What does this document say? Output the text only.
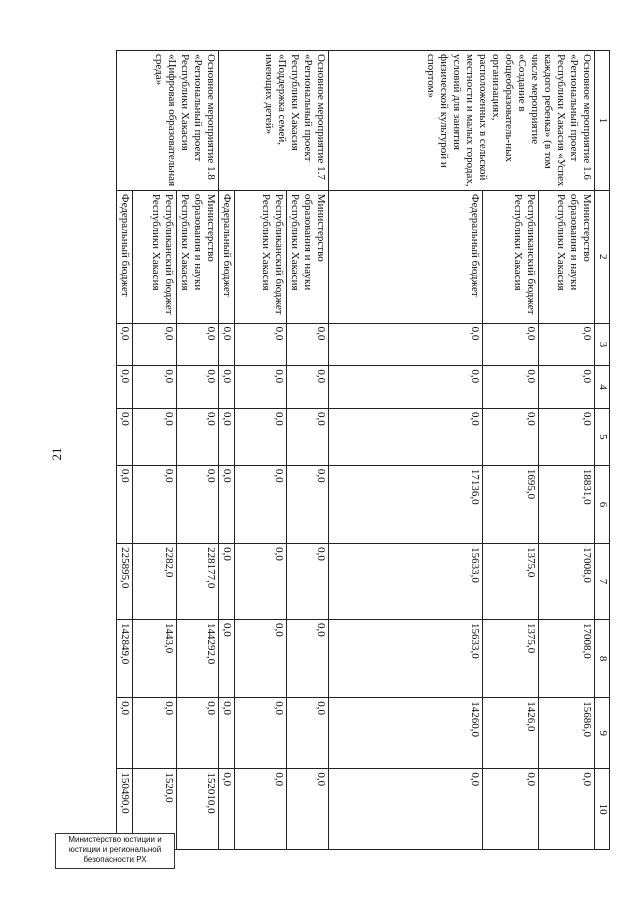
21
1	2	3	4	5	6	7	8	9	10
Основное мероприятие 1.6 «Региональный проект Республики Хакасия «Успех каждого ребенка» (в том числе мероприятие «Создание в общеобразователь-ных организациях, расположенных в сельской местности и малых городах, условий для занятия физической культурой и спортом»	Министерство образования и науки Республики Хакасия	0,0	0,0	0,0	18831,0	17008,0	17008,0	15686,0	0,0
	Республиканский бюджет Республики Хакасия	0,0	0,0	0,0	1695,0	1375,0	1375,0	1426,0	0,0
	Федеральный бюджет	0,0	0,0	0,0	17136,0	15633,0	15633,0	14260,0	0,0
Основное мероприятие 1.7 «Региональный проект Республики Хакасия «Поддержка семей, имеющих детей»	Министерство образования и науки Республики Хакасия	0,0	0,0	0,0	0,0	0,0	0,0	0,0	0,0
	Республиканский бюджет Республики Хакасия	0,0	0,0	0,0	0,0	0,0	0,0	0,0	0,0
	Федеральный бюджет	0,0	0,0	0,0	0,0	0,0	0,0	0,0	0,0
Основное мероприятие 1.8 «Региональный проект Республики Хакасия «Цифровая образовательная среда»	Министерство образования и науки Республики Хакасия	0,0	0,0	0,0	0,0	228177,0	144292,0	0,0	152010,0
	Республиканский бюджет Республики Хакасия	0,0	0,0	0,0	0,0	2282,0	1443,0	0,0	1520,0
	Федеральный бюджет	0,0	0,0	0,0	0,0	225895,0	142849,0	0,0	150490,0
Министерство юстиции и
юстиции и региональной
безопасности РХ
